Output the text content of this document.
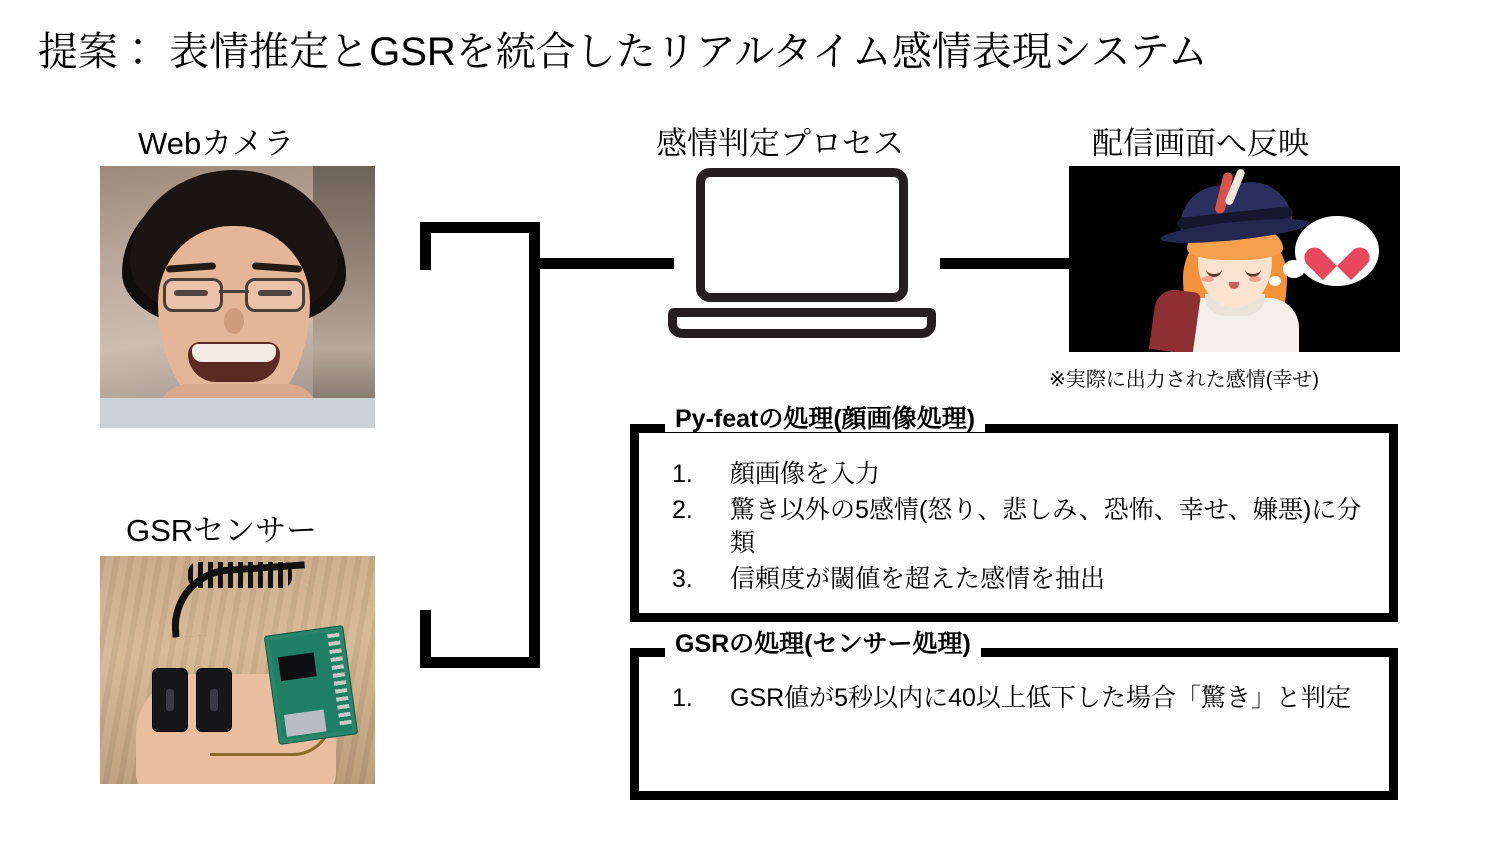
提案： 表情推定とGSRを統合したリアルタイム感情表現システム
Webカメラ
GSRセンサー
感情判定プロセス	配信画面へ反映
※実際に出力された感情(幸せ)
Py-featの処理(顔画像処理)
1.	顔画像を入力
2.	驚き以外の5感情(怒り、悲しみ、恐怖、幸せ、嫌悪)に分類
3.	信頼度が閾値を超えた感情を抽出
GSRの処理(センサー処理)
1.	GSR値が5秒以内に40以上低下した場合「驚き」と判定
